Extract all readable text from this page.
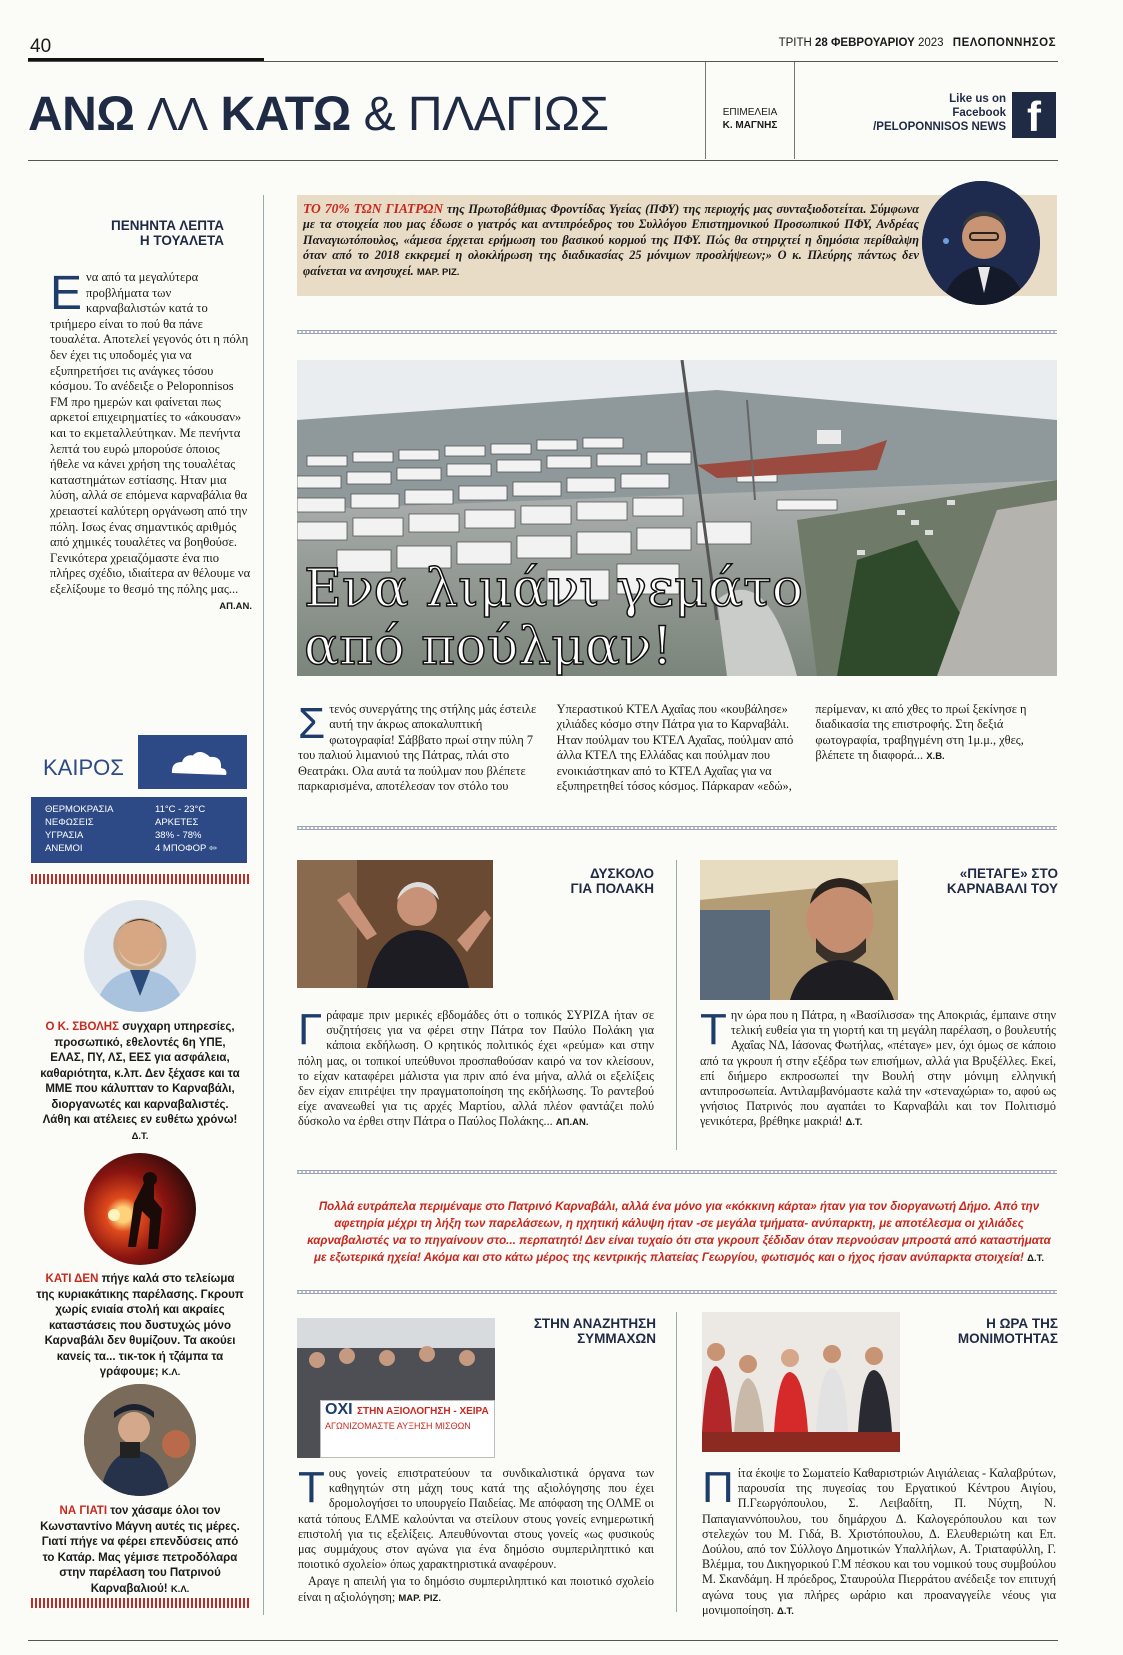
40	ΤΡΙΤΗ 28 ΦΕΒΡΟΥΑΡΙΟΥ 2023 ΠΕΛΟΠΟΝΝΗΣΟΣ
ΑΝΩ ΛΛ ΚΑΤΩ & ΠΛΑΓΙΩΣ	ΕΠΙΜΕΛΕΙΑ
Κ. ΜΑΓΝΗΣ
Like us on
Facebook
/PELOPONNISOS NEWS f
ΠΕΝΗΝΤΑ ΛΕΠΤΑ
Η ΤΟΥΑΛΕΤΑ

Ενα από τα μεγαλύτερα προβλήματα των καρναβαλιστών κατά το τριήμερο είναι το πού θα πάνε τουαλέτα. Αποτελεί γεγονός ότι η πόλη δεν έχει τις υποδομές για να εξυπηρετήσει τις ανάγκες τόσου κόσμου. Το ανέδειξε ο Peloponnisos FM προ ημερών και φαίνεται πως αρκετοί επιχειρηματίες το «άκουσαν» και το εκμεταλλεύτηκαν. Με πενήντα λεπτά του ευρώ μπορούσε όποιος ήθελε να κάνει χρήση της τουαλέτας καταστημάτων εστίασης. Ηταν μια λύση, αλλά σε επόμενα καρναβάλια θα χρειαστεί καλύτερη οργάνωση από την πόλη. Ισως ένας σημαντικός αριθμός από χημικές τουαλέτες να βοηθούσε. Γενικότερα χρειαζόμαστε ένα πιο πλήρες σχέδιο, ιδιαίτερα αν θέλουμε να εξελίξουμε το θεσμό της πόλης μας...

ΑΠ.ΑΝ.
ΚΑΙΡΟΣ
ΘΕΡΜΟΚΡΑΣΙΑ	11°C - 23°C
ΝΕΦΩΣΕΙΣ	ΑΡΚΕΤΕΣ
ΥΓΡΑΣΙΑ	38% - 78%
ΑΝΕΜΟΙ	4 ΜΠΟΦΟΡ ⇦
Ο Κ. ΣΒΟΛΗΣ συγχαρη υπηρεσίες, προσωπικό, εθελοντές 6η ΥΠΕ, ΕΛΑΣ, ΠΥ, ΛΣ, ΕΕΣ για ασφάλεια, καθαριότητα, κ.λπ. Δεν ξέχασε και τα ΜΜΕ που κάλυπταν το Καρναβάλι, διοργανωτές και καρναβαλιστές. Λάθη και ατέλειες εν ευθέτω χρόνω! Δ.Τ.
ΚΑΤΙ ΔΕΝ πήγε καλά στο τελείωμα της κυριακάτικης παρέλασης. Γκρουπ χωρίς ενιαία στολή και ακραίες καταστάσεις που δυστυχώς μόνο Καρναβάλι δεν θυμίζουν. Τα ακούει κανείς τα... τικ-τοκ ή τζάμπα τα γράφουμε; Κ.Λ.
ΝΑ ΓΙΑΤΙ τον χάσαμε όλοι τον Κωνσταντίνο Μάγνη αυτές τις μέρες. Γιατί πήγε να φέρει επενδύσεις από το Κατάρ. Μας γέμισε πετροδόλαρα στην παρέλαση του Πατρινού Καρναβαλιού! Κ.Λ.

ΤΟ 70% ΤΩΝ ΓΙΑΤΡΩΝ της Πρωτοβάθμιας Φροντίδας Υγείας (ΠΦΥ) της περιοχής μας συνταξιοδοτείται. Σύμφωνα με τα στοιχεία που μας έδωσε ο γιατρός και αντιπρόεδρος του Συλλόγου Επιστημονικού Προσωπικού ΠΦΥ, Ανδρέας Παναγιωτόπουλος, «άμεσα έρχεται ερήμωση του βασικού κορμού της ΠΦΥ. Πώς θα στηριχτεί η δημόσια περίθαλψη όταν από το 2018 εκκρεμεί η ολοκλήρωση της διαδικασίας 25 μόνιμων προσλήψεων;» Ο κ. Πλεύρης πάντως δεν φαίνεται να ανησυχεί. ΜΑΡ. ΡΙΖ.

Ενα λιμάνι γεμάτο
από πούλμαν!

Στενός συνεργάτης της στήλης μάς έστειλε αυτή την άκρως αποκαλυπτική φωτογραφία! Σάββατο πρωί στην πύλη 7 του παλιού λιμανιού της Πάτρας, πλάι στο Θεατράκι. Ολα αυτά τα πούλμαν που βλέπετε παρκαρισμένα, αποτέλεσαν τον στόλο του Υπεραστικού ΚΤΕΛ Αχαΐας που «κουβάλησε» χιλιάδες κόσμο στην Πάτρα για το Καρναβάλι. Ηταν πούλμαν του ΚΤΕΛ Αχαΐας, πούλμαν από άλλα ΚΤΕΛ της Ελλάδας και πούλμαν που ενοικιάστηκαν από το ΚΤΕΛ Αχαΐας για να εξυπηρετηθεί τόσος κόσμος. Πάρκαραν «εδώ», περίμεναν, κι από χθες το πρωί ξεκίνησε η διαδικασία της επιστροφής. Στη δεξιά φωτογραφία, τραβηγμένη στη 1μ.μ., χθες, βλέπετε τη διαφορά... Χ.Β.

ΔΥΣΚΟΛΟ
ΓΙΑ ΠΟΛΑΚΗ

Γράφαμε πριν μερικές εβδομάδες ότι ο τοπικός ΣΥΡΙΖΑ ήταν σε συζητήσεις για να φέρει στην Πάτρα τον Παύλο Πολάκη για κάποια εκδήλωση. Ο κρητικός πολιτικός έχει «ρεύμα» και στην πόλη μας, οι τοπικοί υπεύθυνοι προσπαθούσαν καιρό να τον κλείσουν, το είχαν καταφέρει μάλιστα για πριν από ένα μήνα, αλλά οι εξελίξεις δεν είχαν επιτρέψει την πραγματοποίηση της εκδήλωσης. Το ραντεβού είχε ανανεωθεί για τις αρχές Μαρτίου, αλλά πλέον φαντάζει πολύ δύσκολο να έρθει στην Πάτρα ο Παύλος Πολάκης... ΑΠ.ΑΝ.

«ΠΕΤΑΓΕ» ΣΤΟ
ΚΑΡΝΑΒΑΛΙ ΤΟΥ

Την ώρα που η Πάτρα, η «Βασίλισσα» της Αποκριάς, έμπαινε στην τελική ευθεία για τη γιορτή και τη μεγάλη παρέλαση, ο βουλευτής Αχαΐας ΝΔ, Ιάσονας Φωτήλας, «πέταγε» μεν, όχι όμως σε κάποιο από τα γκρουπ ή στην εξέδρα των επισήμων, αλλά για Βρυξέλλες. Εκεί, επί διήμερο εκπροσωπεί την Βουλή στην μόνιμη ελληνική αντιπροσωπεία. Αντιλαμβανόμαστε καλά την «στεναχώρια» το, αφού ως γνήσιος Πατρινός που αγαπάει το Καρναβάλι και τον Πολιτισμό γενικότερα, βρέθηκε μακριά! Δ.Τ.

Πολλά ευτράπελα περιμέναμε στο Πατρινό Καρναβάλι, αλλά ένα μόνο για «κόκκινη κάρτα» ήταν για τον διοργανωτή Δήμο. Από την αφετηρία μέχρι τη λήξη των παρελάσεων, η ηχητική κάλυψη ήταν -σε μεγάλα τμήματα- ανύπαρκτη, με αποτέλεσμα οι χιλιάδες καρναβαλιστές να το πηγαίνουν στο... περπατητό! Δεν είναι τυχαίο ότι στα γκρουπ ξέδιδαν όταν περνούσαν μπροστά από καταστήματα με εξωτερικά ηχεία! Ακόμα και στο κάτω μέρος της κεντρικής πλατείας Γεωργίου, φωτισμός και ο ήχος ήσαν ανύπαρκτα στοιχεία! Δ.Τ.
ΟΧΙ ΣΤΗΝ ΑΞΙΟΛΟΓΗΣΗ - ΧΕΙΡΑ
ΑΓΩΝΙΖΟΜΑΣΤΕ ΑΥΞΗΣΗ ΜΙΣΘΩΝ
ΣΤΗΝ ΑΝΑΖΗΤΗΣΗ
ΣΥΜΜΑΧΩΝ

Τους γονείς επιστρατεύουν τα συνδικαλιστικά όργανα των καθηγητών στη μάχη τους κατά της αξιολόγησης που έχει δρομολογήσει το υπουργείο Παιδείας. Με απόφαση της ΟΛΜΕ οι κατά τόπους ΕΛΜΕ καλούνται να στείλουν στους γονείς ενημερωτική επιστολή για τις εξελίξεις. Απευθύνονται στους γονείς «ως φυσικούς μας συμμάχους στον αγώνα για ένα δημόσιο συμπεριληπτικό και ποιοτικό σχολείο» όπως χαρακτηριστικά αναφέρουν.

Αραγε η απειλή για το δημόσιο συμπεριληπτικό και ποιοτικό σχολείο είναι η αξιολόγηση; ΜΑΡ. ΡΙΖ.

Η ΩΡΑ ΤΗΣ
ΜΟΝΙΜΟΤΗΤΑΣ

Πίτα έκοψε το Σωματείο Καθαριστριών Αιγιάλειας - Καλαβρύτων, παρουσία της πυγεσίας του Εργατικού Κέντρου Αιγίου, Π.Γεωργόπουλου, Σ. Λειβαδίτη, Π. Νύχτη, Ν. Παπαγιαννόπουλου, του δημάρχου Δ. Καλογερόπουλου και των στελεχών του Μ. Γιδά, Β. Χριστόπουλου, Δ. Ελευθεριώτη και Επ. Δούλου, από τον Σύλλογο Δημοτικών Υπαλλήλων, Α. Τριαταφύλλη, Γ. Βλέμμα, του Δικηγορικού Γ.Μ πέσκου και του νομικού τους συμβούλου Μ. Σκανδάμη. Η πρόεδρος, Σταυρούλα Πιερράτου ανέδειξε τον επιτυχή αγώνα τους για πλήρες ωράριο και προαναγγείλε νέους για μονιμοποίηση. Δ.Τ.
